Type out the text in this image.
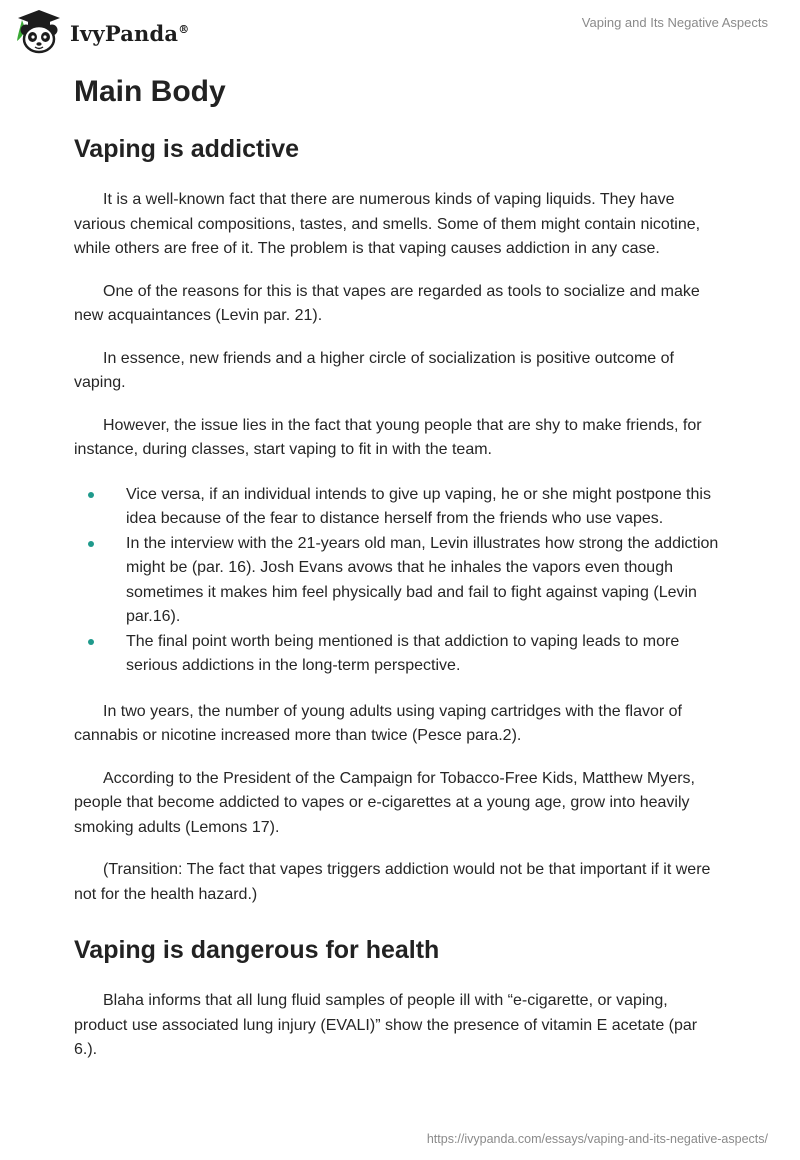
IvyPanda®	Vaping and Its Negative Aspects
Main Body
Vaping is addictive

It is a well-known fact that there are numerous kinds of vaping liquids. They have various chemical compositions, tastes, and smells. Some of them might contain nicotine, while others are free of it. The problem is that vaping causes addiction in any case.

One of the reasons for this is that vapes are regarded as tools to socialize and make new acquaintances (Levin par. 21).

In essence, new friends and a higher circle of socialization is positive outcome of vaping.

However, the issue lies in the fact that young people that are shy to make friends, for instance, during classes, start vaping to fit in with the team.

Vice versa, if an individual intends to give up vaping, he or she might postpone this idea because of the fear to distance herself from the friends who use vapes.
In the interview with the 21-years old man, Levin illustrates how strong the addiction might be (par. 16). Josh Evans avows that he inhales the vapors even though sometimes it makes him feel physically bad and fail to fight against vaping (Levin par.16).
The final point worth being mentioned is that addiction to vaping leads to more serious addictions in the long-term perspective.

In two years, the number of young adults using vaping cartridges with the flavor of cannabis or nicotine increased more than twice (Pesce para.2).

According to the President of the Campaign for Tobacco-Free Kids, Matthew Myers, people that become addicted to vapes or e-cigarettes at a young age, grow into heavily smoking adults (Lemons 17).

(Transition: The fact that vapes triggers addiction would not be that important if it were not for the health hazard.)

Vaping is dangerous for health

Blaha informs that all lung fluid samples of people ill with “e-cigarette, or vaping, product use associated lung injury (EVALI)” show the presence of vitamin E acetate (par 6.).

https://ivypanda.com/essays/vaping-and-its-negative-aspects/
